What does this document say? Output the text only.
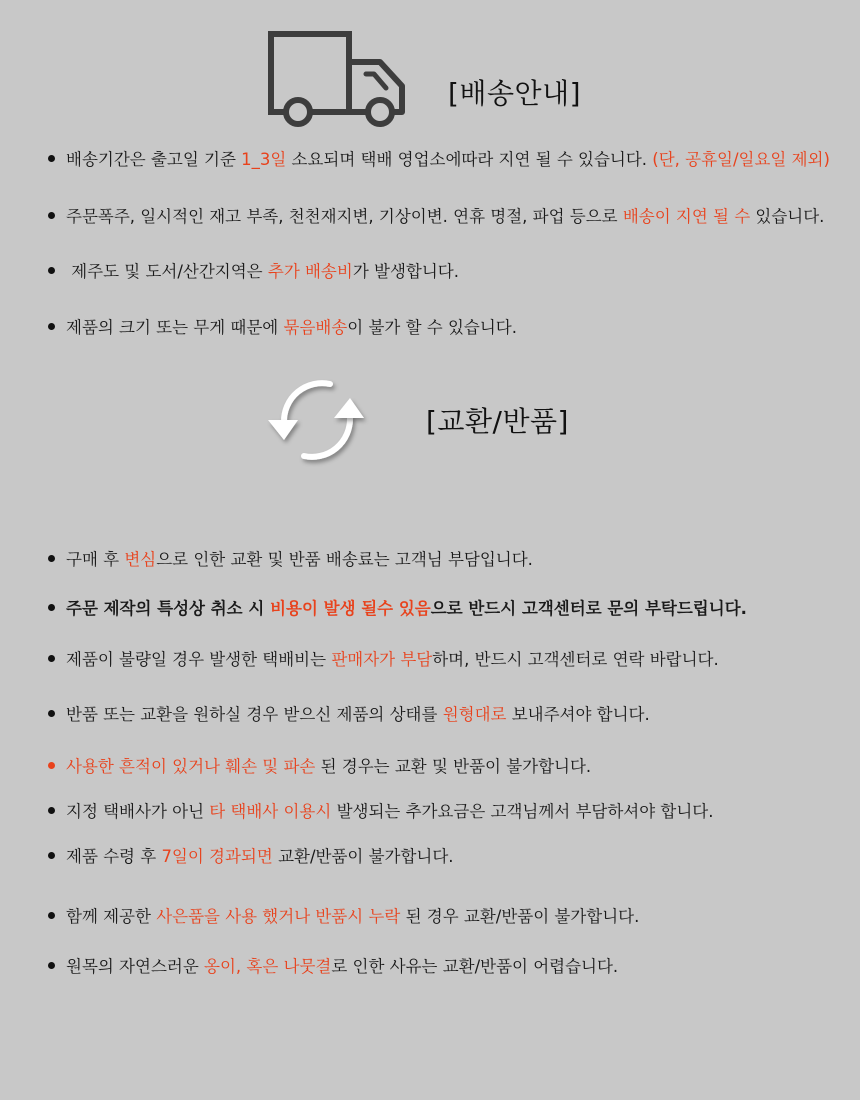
[배송안내]
배송기간은 출고일 기준 1_3일 소요되며 택배 영업소에따라 지연 될 수 있습니다. (단, 공휴일/일요일 제외)
주문폭주, 일시적인 재고 부족, 천천재지변, 기상이변. 연휴 명절, 파업 등으로 배송이 지연 될 수 있습니다.
제주도 및 도서/산간지역은 추가 배송비가 발생합니다.
제품의 크기 또는 무게 때문에 묶음배송이 불가 할 수 있습니다.
[교환/반품]
구매 후 변심으로 인한 교환 및 반품 배송료는 고객님 부담입니다.
주문 제작의 특성상 취소 시 비용이 발생 될수 있음으로 반드시 고객센터로 문의 부탁드립니다.
제품이 불량일 경우 발생한 택배비는 판매자가 부담하며, 반드시 고객센터로 연락 바랍니다.
반품 또는 교환을 원하실 경우 받으신 제품의 상태를 원형대로 보내주셔야 합니다.
사용한 흔적이 있거나 훼손 및 파손 된 경우는 교환 및 반품이 불가합니다.
지정 택배사가 아닌 타 택배사 이용시 발생되는 추가요금은 고객님께서 부담하셔야 합니다.
제품 수령 후 7일이 경과되면 교환/반품이 불가합니다.
함께 제공한 사은품을 사용 했거나 반품시 누락 된 경우 교환/반품이 불가합니다.
원목의 자연스러운 옹이, 혹은 나뭇결로 인한 사유는 교환/반품이 어렵습니다.
